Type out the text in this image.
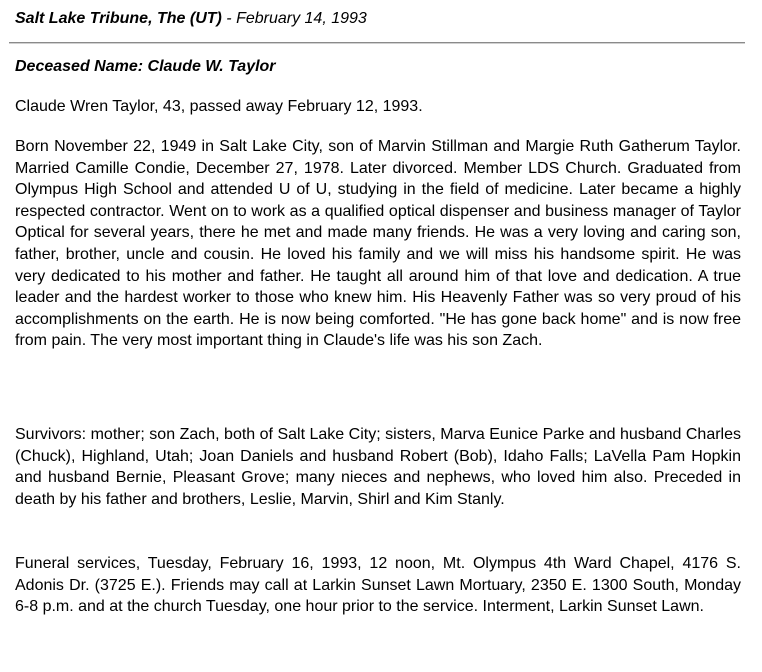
Salt Lake Tribune, The (UT) - February 14, 1993
Deceased Name: Claude W. Taylor

Claude Wren Taylor, 43, passed away February 12, 1993.

Born November 22, 1949 in Salt Lake City, son of Marvin Stillman and Margie Ruth Gatherum Taylor. Married Camille Condie, December 27, 1978. Later divorced. Member LDS Church. Graduated from Olympus High School and attended U of U, studying in the field of medicine. Later became a highly respected contractor. Went on to work as a qualified optical dispenser and business manager of Taylor Optical for several years, there he met and made many friends. He was a very loving and caring son, father, brother, uncle and cousin. He loved his family and we will miss his handsome spirit. He was very dedicated to his mother and father. He taught all around him of that love and dedication. A true leader and the hardest worker to those who knew him. His Heavenly Father was so very proud of his accomplishments on the earth. He is now being comforted. "He has gone back home" and is now free from pain. The very most important thing in Claude's life was his son Zach.

Survivors: mother; son Zach, both of Salt Lake City; sisters, Marva Eunice Parke and husband Charles (Chuck), Highland, Utah; Joan Daniels and husband Robert (Bob), Idaho Falls; LaVella Pam Hopkin and husband Bernie, Pleasant Grove; many nieces and nephews, who loved him also. Preceded in death by his father and brothers, Leslie, Marvin, Shirl and Kim Stanly.

Funeral services, Tuesday, February 16, 1993, 12 noon, Mt. Olympus 4th Ward Chapel, 4176 S. Adonis Dr. (3725 E.). Friends may call at Larkin Sunset Lawn Mortuary, 2350 E. 1300 South, Monday 6-8 p.m. and at the church Tuesday, one hour prior to the service. Interment, Larkin Sunset Lawn.
